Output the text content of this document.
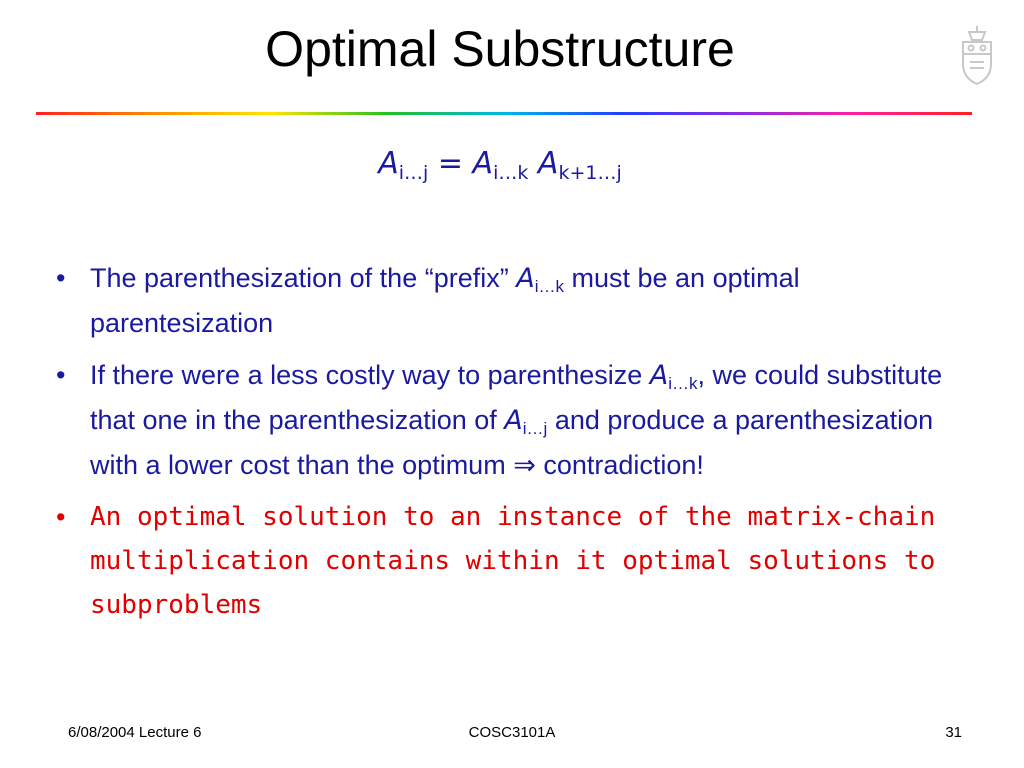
Optimal Substructure
$A_{i\dots j} = A_{i\dots k}$ $A_{k+1\dots j}$
• The parenthesization of the “prefix” $A_{i\dots k}$ must be an optimal parentesization
• If there were a less costly way to parenthesize $A_{i\dots k}$, we could substitute that one in the parenthesization of $A_{i\dots j}$ and produce a parenthesization with a lower cost than the optimum ⇒ contradiction!
• An optimal solution to an instance of the matrix-chain multiplication contains within it optimal solutions to subproblems
6/08/2004 Lecture 6	COSC3101A	31
